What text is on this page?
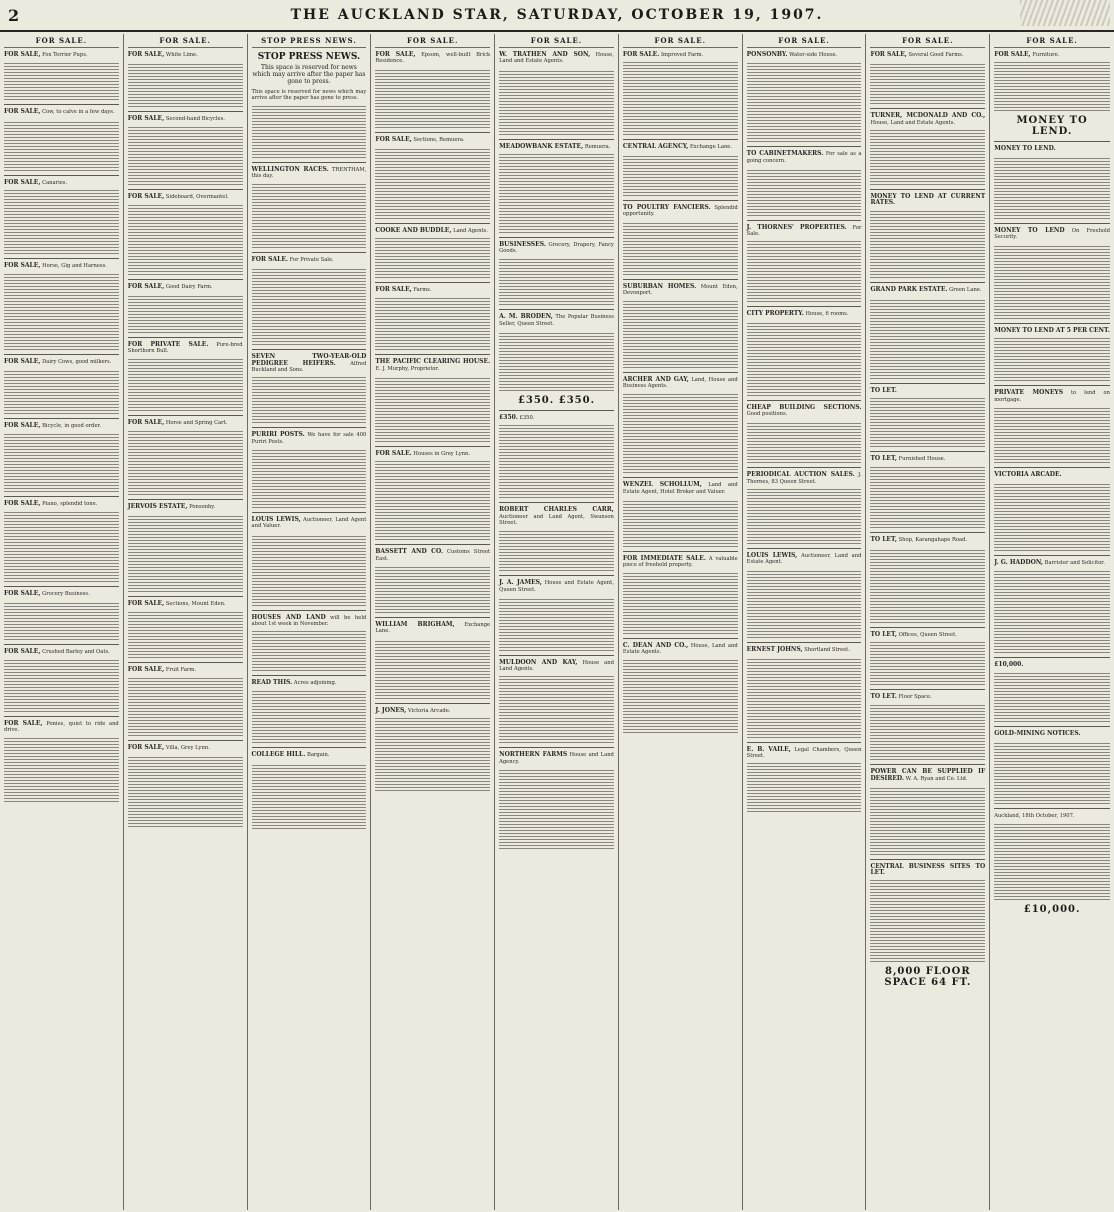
2	THE AUCKLAND STAR, SATURDAY, OCTOBER 19, 1907.
FOR SALE.

FOR SALE, Fox Terrier Pups.

FOR SALE, Cow, to calve in a few days.

FOR SALE, Canaries.

FOR SALE, Horse, Gig and Harness.

FOR SALE, Dairy Cows, good milkers.

FOR SALE, Bicycle, in good order.

FOR SALE, Piano, splendid tone.

FOR SALE, Grocery Business.

FOR SALE, Crushed Barley and Oats.

FOR SALE, Ponies, quiet to ride and drive.

FOR SALE.

FOR SALE, White Lime.

FOR SALE, Second-hand Bicycles.

FOR SALE, Sideboard, Overmantel.

FOR SALE, Good Dairy Farm.

FOR PRIVATE SALE. Pure-bred Shorthorn Bull.

FOR SALE, Horse and Spring Cart.

JERVOIS ESTATE, Ponsonby.

FOR SALE, Sections, Mount Eden.

FOR SALE, Fruit Farm.

FOR SALE, Villa, Grey Lynn.

STOP PRESS NEWS.
STOP PRESS NEWS.
This space is reserved for news which may arrive after the paper has gone to press.

This space is reserved for news which may arrive after the paper has gone to press.

WELLINGTON RACES. TRENTHAM, this day.

FOR SALE. For Private Sale.

SEVEN TWO-YEAR-OLD PEDIGREE HEIFERS.	Alfred Buckland and Sons.

PURIRI POSTS. We have for sale 400 Puriri Posts.

LOUIS LEWIS, Auctioneer, Land Agent and Valuer.

HOUSES AND LAND will be held about 1st week in November.

READ THIS. Acres adjoining.

COLLEGE HILL. Bargain.

FOR SALE.

FOR SALE, Epsom, well-built Brick Residence.

FOR SALE, Sections, Remuera.

COOKE AND BUDDLE, Land Agents.

FOR SALE, Farms.

THE PACIFIC CLEARING HOUSE. E. J. Murphy, Proprietor.

FOR SALE. Houses in Grey Lynn.

BASSETT AND CO. Customs Street East.

WILLIAM BRIGHAM, Exchange Lane.

J. JONES, Victoria Arcade.

FOR SALE.

W. TRATHEN AND SON, House, Land and Estate Agents.

MEADOWBANK ESTATE, Remuera.

BUSINESSES. Grocery, Drapery, Fancy Goods.

A. M. BRODEN, The Popular Business Seller, Queen Street.

£350. £350.

£350. £350.

ROBERT CHARLES CARR, Auctioneer and Land Agent, Swanson Street.

J. A. JAMES, House and Estate Agent, Queen Street.

MULDOON AND KAY, House and Land Agents.

NORTHERN FARMS House and Land Agency.

FOR SALE.

FOR SALE. Improved Farm.

CENTRAL AGENCY, Exchange Lane.

TO POULTRY FANCIERS. Splendid opportunity.

SUBURBAN HOMES. Mount Eden, Devonport.

ARCHER AND GAY, Land, House and Business Agents.

WENZEL SCHOLLUM, Land and Estate Agent, Hotel Broker and Valuer.

FOR IMMEDIATE SALE. A valuable piece of freehold property.

C. DEAN AND CO., House, Land and Estate Agents.

FOR SALE.

PONSONBY. Water-side House.

TO CABINETMAKERS. For sale as a going concern.

J. THORNES' PROPERTIES. For Sale.

CITY PROPERTY. House, 6 rooms.

CHEAP BUILDING SECTIONS. Good positions.

PERIODICAL AUCTION SALES. J. Thornes, 83 Queen Street.

LOUIS LEWIS, Auctioneer, Land and Estate Agent.

ERNEST JOHNS, Shortland Street.

E. B. VAILE, Legal Chambers, Queen Street.

FOR SALE.

FOR SALE, Several Good Farms.

TURNER, MCDONALD AND CO., House, Land and Estate Agents.

MONEY TO LEND AT CURRENT RATES.

GRAND PARK ESTATE. Green Lane.

TO LET.

TO LET, Furnished House.

TO LET, Shop, Karangahape Road.

TO LET, Offices, Queen Street.

TO LET. Floor Space.

POWER CAN BE SUPPLIED IF DESIRED. W. A. Ryan and Co. Ltd.

CENTRAL BUSINESS SITES TO LET.

8,000 FLOOR SPACE 64 FT.
FOR SALE.

FOR SALE, Furniture.

MONEY TO LEND.

MONEY TO LEND.

MONEY TO LEND On Freehold Security.

MONEY TO LEND AT 5 PER CENT.

PRIVATE MONEYS to lend on mortgage.

VICTORIA ARCADE.

J. G. HADDON, Barrister and Solicitor.

£10,000.

GOLD-MINING NOTICES.

Auckland, 18th October, 1907.

£10,000.
